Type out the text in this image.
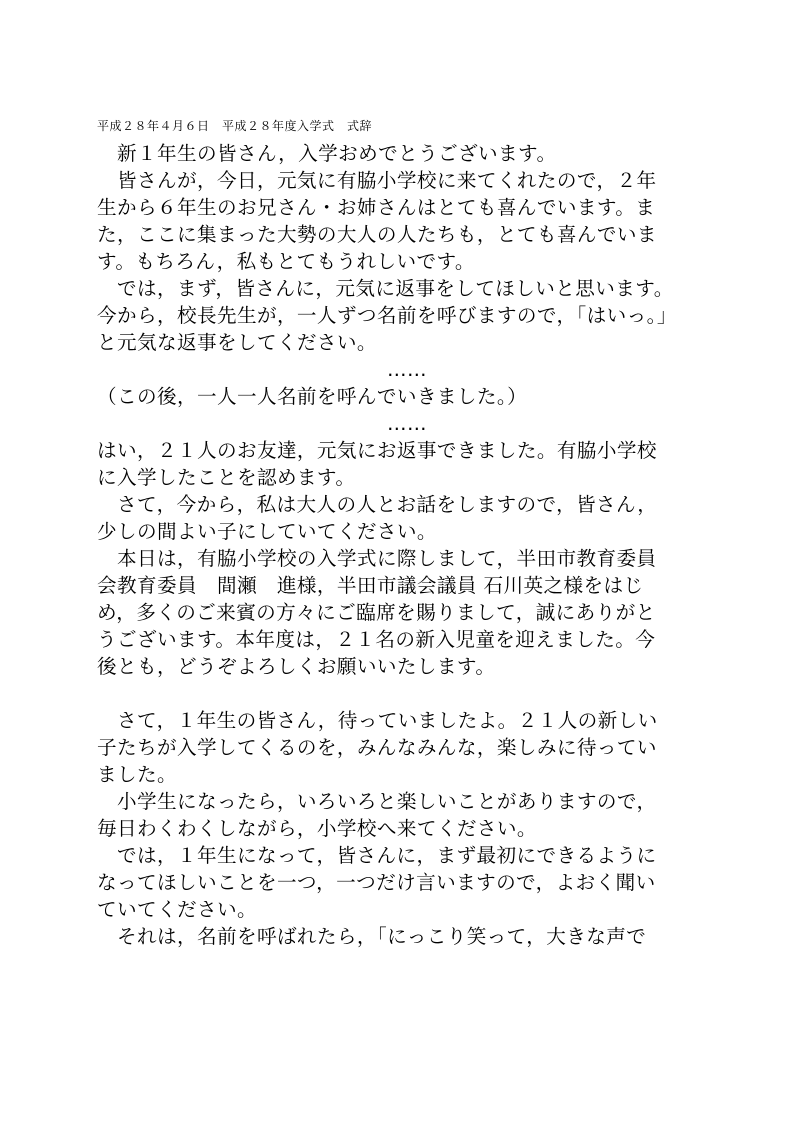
平成２８年４月６日　平成２８年度入学式　式辞
　新１年生の皆さん，入学おめでとうございます。
　皆さんが，今日，元気に有脇小学校に来てくれたので，２年
生から６年生のお兄さん・お姉さんはとても喜んでいます。ま
た，ここに集まった大勢の大人の人たちも，とても喜んでいま
す。もちろん，私もとてもうれしいです。
　では，まず，皆さんに，元気に返事をしてほしいと思います。
今から，校長先生が，一人ずつ名前を呼びますので，「はいっ。」
と元気な返事をしてください。
……
（この後，一人一人名前を呼んでいきました。）
……
はい，２１人のお友達，元気にお返事できました。有脇小学校
に入学したことを認めます。
　さて，今から，私は大人の人とお話をしますので，皆さん，
少しの間よい子にしていてください。
　本日は，有脇小学校の入学式に際しまして，半田市教育委員
会教育委員　間瀬　進様，半田市議会議員 石川英之様をはじ
め，多くのご来賓の方々にご臨席を賜りまして，誠にありがと
うございます。本年度は，２１名の新入児童を迎えました。今
後とも，どうぞよろしくお願いいたします。
　さて，１年生の皆さん，待っていましたよ。２１人の新しい
子たちが入学してくるのを，みんなみんな，楽しみに待ってい
ました。
　小学生になったら，いろいろと楽しいことがありますので，
毎日わくわくしながら，小学校へ来てください。
　では，１年生になって，皆さんに，まず最初にできるように
なってほしいことを一つ，一つだけ言いますので，よおく聞い
ていてください。
　それは，名前を呼ばれたら，「にっこり笑って，大きな声で
